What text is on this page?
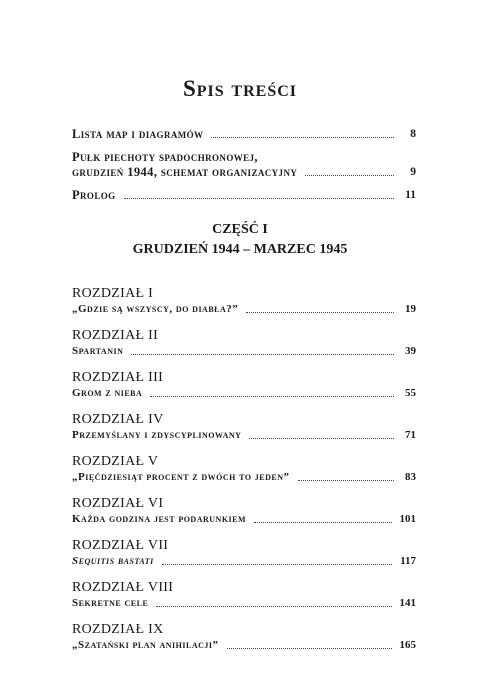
Spis treści
Lista map i diagramów	8
Pułk piechoty spadochronowej,
grudzień 1944, schemat organizacyjny	9
Prolog	11
CZĘŚĆ I
GRUDZIEŃ 1944 – MARZEC 1945
ROZDZIAŁ I
„Gdzie są wszyscy, do diabła?”	19
ROZDZIAŁ II
Spartanin	39
ROZDZIAŁ III
Grom z nieba	55
ROZDZIAŁ IV
Przemyślany i zdyscyplinowany	71
ROZDZIAŁ V
„Pięćdziesiąt procent z dwóch to jeden”	83
ROZDZIAŁ VI
Każda godzina jest podarunkiem	101
ROZDZIAŁ VII
Sequitis bastati	117
ROZDZIAŁ VIII
Sekretne cele	141
ROZDZIAŁ IX
„Szatański plan anihilacji”	165
